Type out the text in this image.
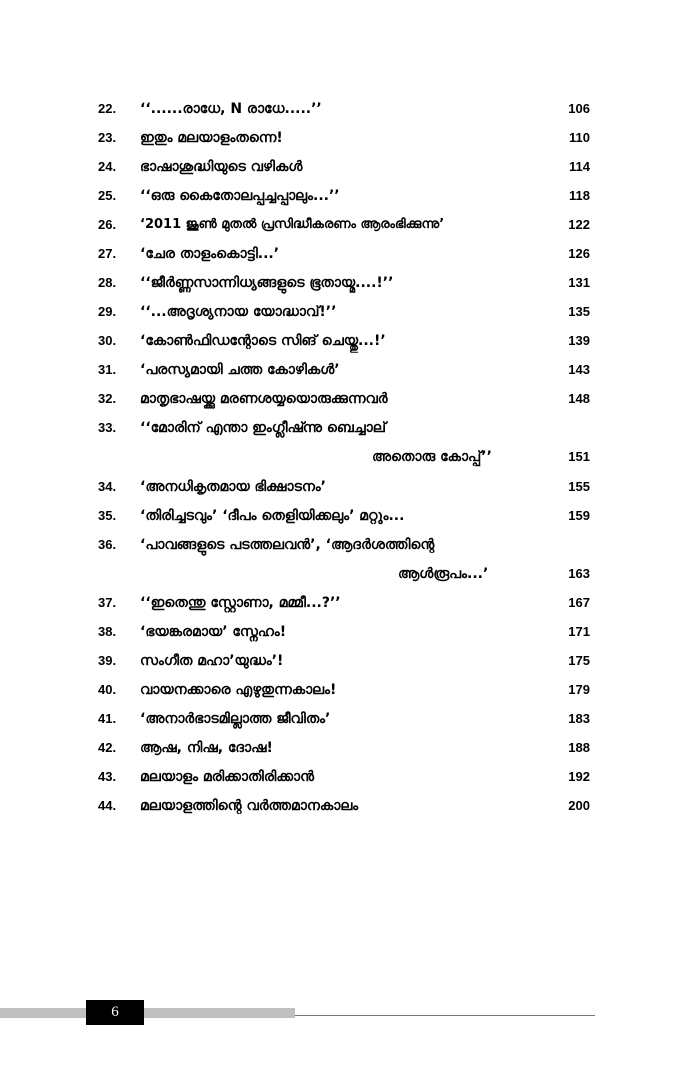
22.	‘‘......രാധേ, N രാധേ.....’’	106
23.	ഇതും മലയാളംതന്നെ!	110
24.	ഭാഷാശുദ്ധിയുടെ വഴികൾ	114
25.	‘‘ഒരു കൈതോലപ്പച്ചപ്പാലും...’’	118
26.	‘2011 ജൂൺ മുതൽ പ്രസിദ്ധീകരണം ആരംഭിക്കുന്നു’	122
27.	‘ചേര താളംകൊട്ടി...’	126
28.	‘‘ജീർണ്ണസാന്നിധ്യങ്ങളുടെ ഭൂതായ്മ....!’’	131
29.	‘‘...അദൃശ്യനായ യോദ്ധാവ്!’’	135
30.	‘കോൺഫിഡന്റോടെ സിങ് ചെയ്തു...!’	139
31.	‘പരസ്യമായി ചത്ത കോഴികൾ’	143
32.	മാതൃഭാഷയ്ക്കു മരണശയ്യയൊരുക്കുന്നവർ	148
33.	‘‘മോരിന് എന്താ ഇംഗ്ലീഷ്ന്നു ബെച്ചാല്
അതൊരു കോപ്പ്’’	151
34.	‘അനധികൃതമായ ഭിക്ഷാടനം’	155
35.	‘തിരിച്ചടവും’ ‘ദീപം തെളിയിക്കലും’ മറ്റും...	159
36.	‘പാവങ്ങളുടെ പടത്തലവൻ’, ‘ആദർശത്തിന്റെ
ആൾരൂപം...’	163
37.	‘‘ഇതെന്തു സ്റ്റോണാ, മമ്മീ...?’’	167
38.	‘ഭയങ്കരമായ’ സ്നേഹം!	171
39.	സംഗീത മഹാ’യുദ്ധം’!	175
40.	വായനക്കാരെ എഴുതുന്നകാലം!	179
41.	‘അനാർഭാടമില്ലാത്ത ജീവിതം’	183
42.	ആഷ, നിഷ, ദോഷ!	188
43.	മലയാളം മരിക്കാതിരിക്കാൻ	192
44.	മലയാളത്തിന്റെ വർത്തമാനകാലം	200
6
